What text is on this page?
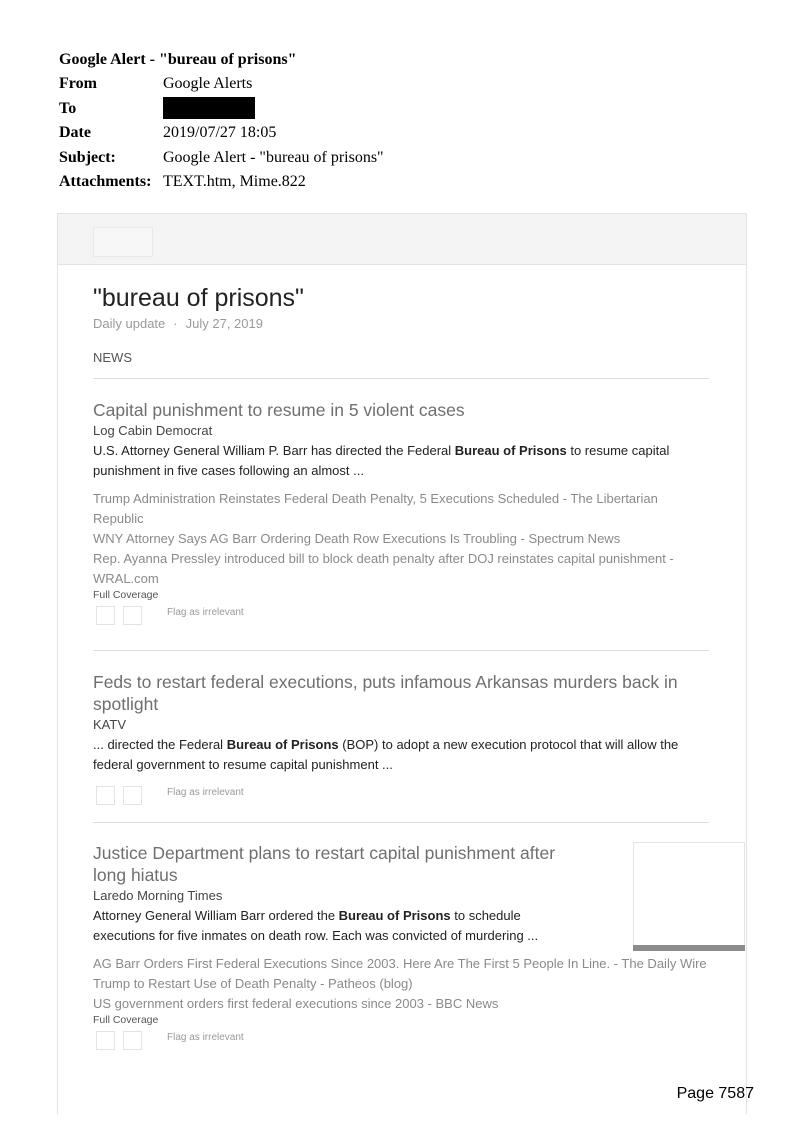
Google Alert - "bureau of prisons"
From	Google Alerts
To
Date	2019/07/27 18:05
Subject:	Google Alert - "bureau of prisons"
Attachments: TEXT.htm, Mime.822
"bureau of prisons"
Daily update · July 27, 2019
NEWS
Capital punishment to resume in 5 violent cases
Log Cabin Democrat
U.S. Attorney General William P. Barr has directed the Federal Bureau of Prisons to resume capital punishment in five cases following an almost ...
Trump Administration Reinstates Federal Death Penalty, 5 Executions Scheduled - The Libertarian Republic
WNY Attorney Says AG Barr Ordering Death Row Executions Is Troubling - Spectrum News
Rep. Ayanna Pressley introduced bill to block death penalty after DOJ reinstates capital punishment - WRAL.com
Full Coverage
Flag as irrelevant
Feds to restart federal executions, puts infamous Arkansas murders back in spotlight
KATV
... directed the Federal Bureau of Prisons (BOP) to adopt a new execution protocol that will allow the federal government to resume capital punishment ...
Flag as irrelevant
Justice Department plans to restart capital punishment after long hiatus
Laredo Morning Times
Attorney General William Barr ordered the Bureau of Prisons to schedule executions for five inmates on death row. Each was convicted of murdering ...
AG Barr Orders First Federal Executions Since 2003. Here Are The First 5 People In Line. - The Daily Wire
Trump to Restart Use of Death Penalty - Patheos (blog)
US government orders first federal executions since 2003 - BBC News
Full Coverage
Flag as irrelevant
Page 7587
